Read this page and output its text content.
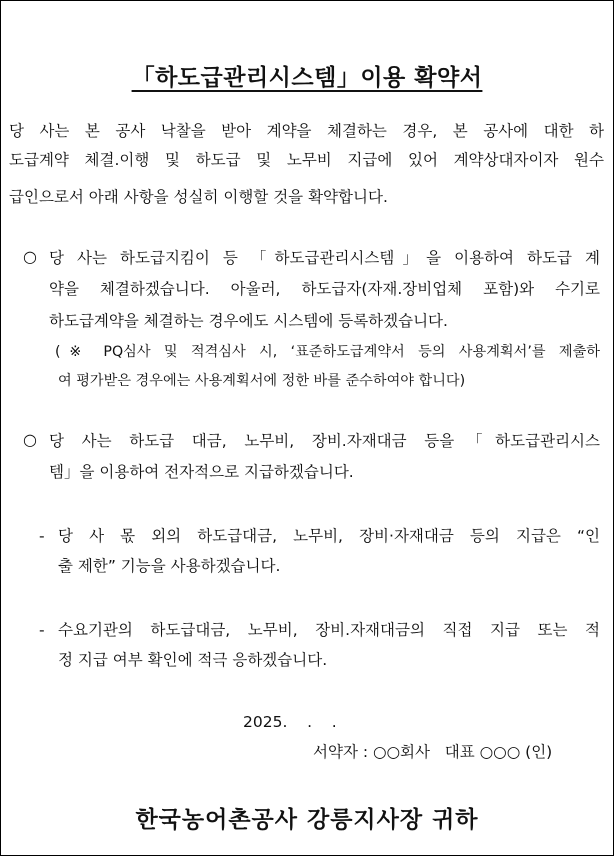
「하도급관리시스템」이용 확약서

당 사는 본 공사 낙찰을 받아 계약을 체결하는 경우, 본 공사에 대한 하

도급계약 체결.이행 및 하도급 및 노무비 지급에 있어 계약상대자이자 원수

급인으로서 아래 사항을 성실히 이행할 것을 확약합니다.

○ 당 사는 하도급지킴이 등 「하도급관리시스템」을 이용하여 하도급 계

약을 체결하겠습니다. 아울러, 하도급자(자재.장비업체 포함)와 수기로

하도급계약을 체결하는 경우에도 시스템에 등록하겠습니다.

(※ PQ심사 및 적격심사 시, ‘표준하도급계약서 등의 사용계획서’를 제출하

여 평가받은 경우에는 사용계획서에 정한 바를 준수하여야 합니다)

○ 당 사는 하도급 대금, 노무비, 장비.자재대금 등을「하도급관리시스

템」을 이용하여 전자적으로 지급하겠습니다.

- 당 사 몫 외의 하도급대금, 노무비, 장비·자재대금 등의 지급은 “인

출 제한” 기능을 사용하겠습니다.

- 수요기관의 하도급대금, 노무비, 장비.자재대금의 직접 지급 또는 적

정 지급 여부 확인에 적극 응하겠습니다.

2025.    .    .

서약자 : ○○회사   대표 ○○○ (인)

한국농어촌공사 강릉지사장 귀하
